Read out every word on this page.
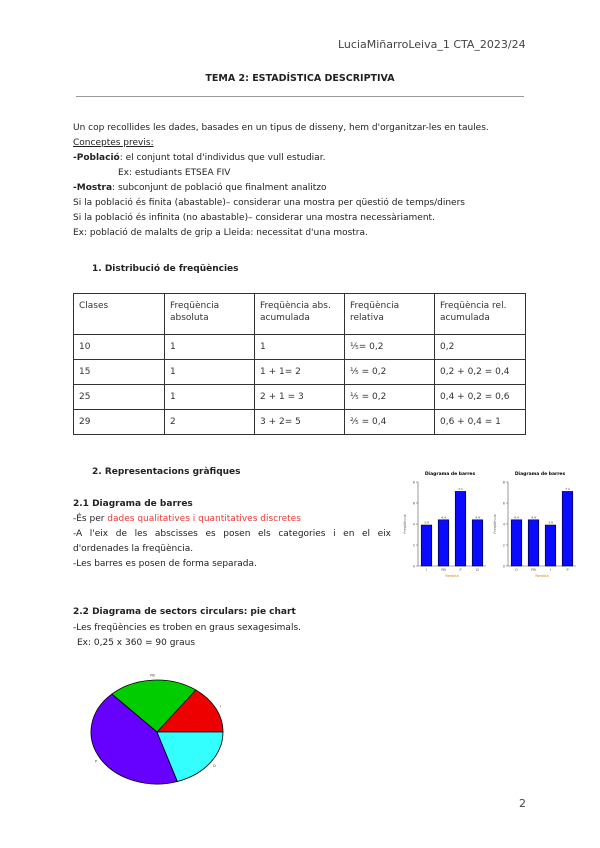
LuciaMiñarroLeiva_1 CTA_2023/24
TEMA 2: ESTADÍSTICA DESCRIPTIVA
Un cop recollides les dades, basades en un tipus de disseny, hem d'organitzar-les en taules.
Conceptes previs:
-Població: el conjunt total d'individus que vull estudiar.
Ex: estudiants ETSEA FIV
-Mostra: subconjunt de població que finalment analitzo
Si la població és finita (abastable)– considerar una mostra per qüestió de temps/diners
Si la població és infinita (no abastable)– considerar una mostra necessàriament.
Ex: població de malalts de grip a Lleida: necessitat d'una mostra.
1. Distribució de freqüències
Clases	Freqüència absoluta	Freqüència abs. acumulada	Freqüència relativa	Freqüència rel. acumulada
10	1	1	⅕= 0,2	0,2
15	1	1 + 1= 2	⅕ = 0,2	0,2 + 0,2 = 0,4
25	1	2 + 1 = 3	⅕ = 0,2	0,4 + 0,2 = 0,6
29	2	3 + 2= 5	⅖ = 0,4	0,6 + 0,4 = 1
2. Representacions gràfiques
2.1 Diagrama de barres
-És per dades qualitatives i quantitatives discretes
-A l'eix de les abscisses es posen els categories i en el eix d'ordenades la freqüència.
-Les barres es posen de forma separada.
Diagrama de barres
0
2
4
6
8
Freqüència	3.9
I
4.4
PB
7.1
P
4.4
D
Familia
Diagrama de barres
0
2
4
6
8
Freqüència	4.4
O
4.4
PB
3.9
I
7.1
P
Familia
2.2 Diagrama de sectors circulars: pie chart
-Les freqüències es troben en graus sexagesimals.
Ex: 0,25 x 360 = 90 graus
I
PB
P
D
2
